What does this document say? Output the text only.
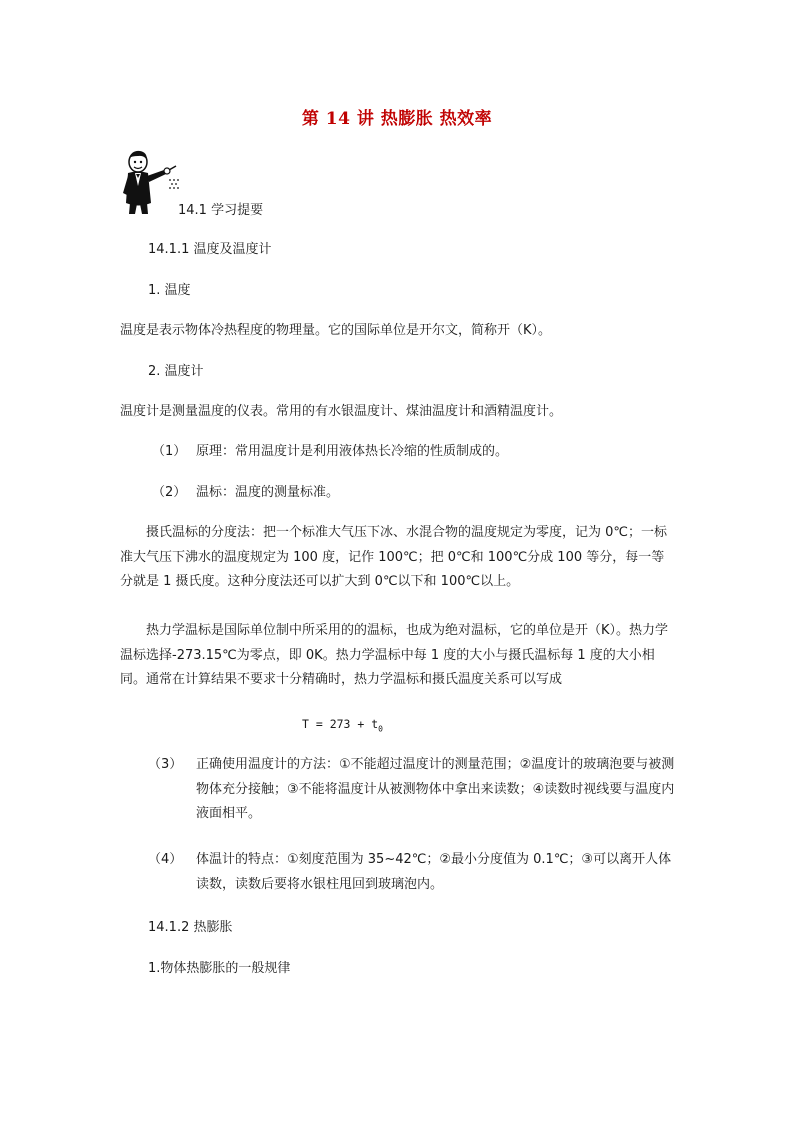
第 14 讲 热膨胀 热效率
14.1 学习提要
14.1.1 温度及温度计
1. 温度
温度是表示物体冷热程度的物理量。它的国际单位是开尔文，简称开（K）。
2. 温度计
温度计是测量温度的仪表。常用的有水银温度计、煤油温度计和酒精温度计。
（1） 原理：常用温度计是利用液体热长冷缩的性质制成的。
（2） 温标：温度的测量标准。
摄氏温标的分度法：把一个标准大气压下冰、水混合物的温度规定为零度，记为 0℃；一标准大气压下沸水的温度规定为 100 度，记作 100℃；把 0℃和 100℃分成 100 等分，每一等分就是 1 摄氏度。这种分度法还可以扩大到 0℃以下和 100℃以上。
热力学温标是国际单位制中所采用的的温标，也成为绝对温标，它的单位是开（K）。热力学温标选择-273.15℃为零点，即 0K。热力学温标中每 1 度的大小与摄氏温标每 1 度的大小相同。通常在计算结果不要求十分精确时，热力学温标和摄氏温度关系可以写成
$T = 273 + t_0$
（3）	正确使用温度计的方法：①不能超过温度计的测量范围；②温度计的玻璃泡要与被测物体充分接触；③不能将温度计从被测物体中拿出来读数；④读数时视线要与温度内液面相平。
（4）	体温计的特点：①刻度范围为 35~42℃；②最小分度值为 0.1℃；③可以离开人体读数，读数后要将水银柱甩回到玻璃泡内。
14.1.2 热膨胀
1.物体热膨胀的一般规律
